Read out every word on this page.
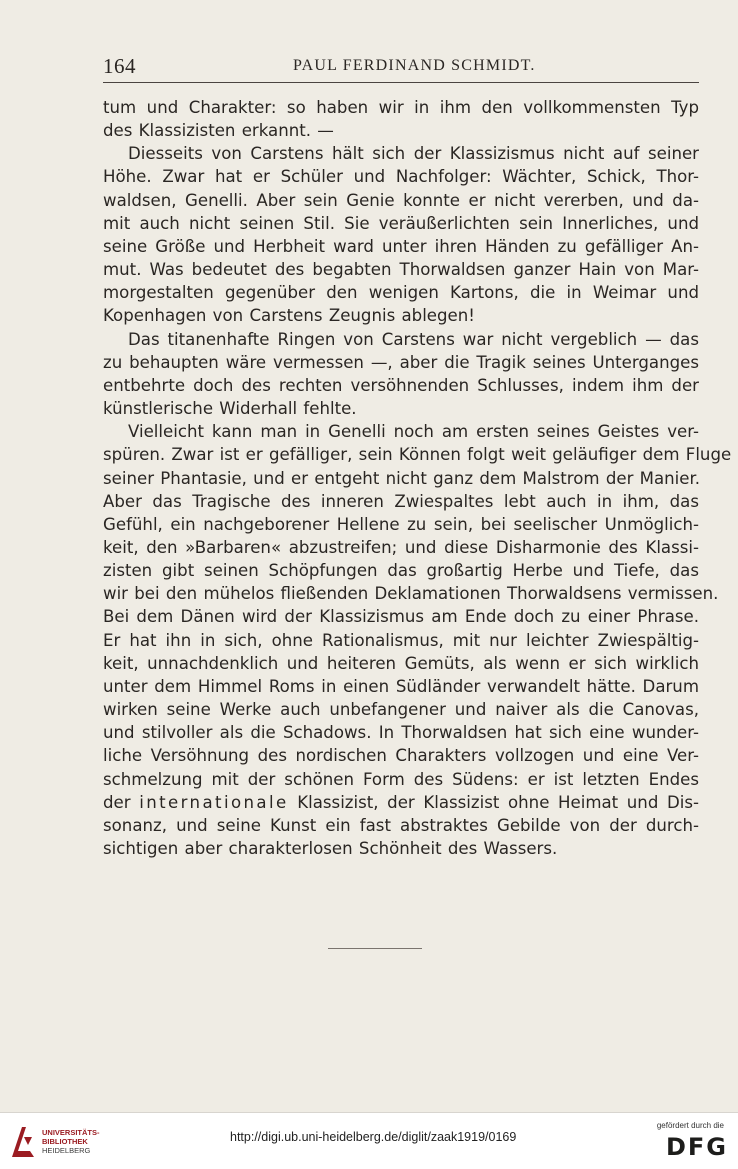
164	PAUL FERDINAND SCHMIDT.
tum und Charakter: so haben wir in ihm den vollkommensten Typ
des Klassizisten erkannt. —
Diesseits von Carstens hält sich der Klassizismus nicht auf seiner
Höhe. Zwar hat er Schüler und Nachfolger: Wächter, Schick, Thor-
waldsen, Genelli. Aber sein Genie konnte er nicht vererben, und da-
mit auch nicht seinen Stil. Sie veräußerlichten sein Innerliches, und
seine Größe und Herbheit ward unter ihren Händen zu gefälliger An-
mut. Was bedeutet des begabten Thorwaldsen ganzer Hain von Mar-
morgestalten gegenüber den wenigen Kartons, die in Weimar und
Kopenhagen von Carstens Zeugnis ablegen!
Das titanenhafte Ringen von Carstens war nicht vergeblich — das
zu behaupten wäre vermessen —, aber die Tragik seines Unterganges
entbehrte doch des rechten versöhnenden Schlusses, indem ihm der
künstlerische Widerhall fehlte.
Vielleicht kann man in Genelli noch am ersten seines Geistes ver-
spüren. Zwar ist er gefälliger, sein Können folgt weit geläufiger dem Fluge
seiner Phantasie, und er entgeht nicht ganz dem Malstrom der Manier.
Aber das Tragische des inneren Zwiespaltes lebt auch in ihm, das
Gefühl, ein nachgeborener Hellene zu sein, bei seelischer Unmöglich-
keit, den »Barbaren« abzustreifen; und diese Disharmonie des Klassi-
zisten gibt seinen Schöpfungen das großartig Herbe und Tiefe, das
wir bei den mühelos fließenden Deklamationen Thorwaldsens vermissen.
Bei dem Dänen wird der Klassizismus am Ende doch zu einer Phrase.
Er hat ihn in sich, ohne Rationalismus, mit nur leichter Zwiespältig-
keit, unnachdenklich und heiteren Gemüts, als wenn er sich wirklich
unter dem Himmel Roms in einen Südländer verwandelt hätte. Darum
wirken seine Werke auch unbefangener und naiver als die Canovas,
und stilvoller als die Schadows. In Thorwaldsen hat sich eine wunder-
liche Versöhnung des nordischen Charakters vollzogen und eine Ver-
schmelzung mit der schönen Form des Südens: er ist letzten Endes
der internationale Klassizist, der Klassizist ohne Heimat und Dis-
sonanz, und seine Kunst ein fast abstraktes Gebilde von der durch-
sichtigen aber charakterlosen Schönheit des Wassers.
UNIVERSITÄTS-
BIBLIOTHEK
HEIDELBERG
http://digi.ub.uni-heidelberg.de/diglit/zaak1919/0169
gefördert durch die
DFG
